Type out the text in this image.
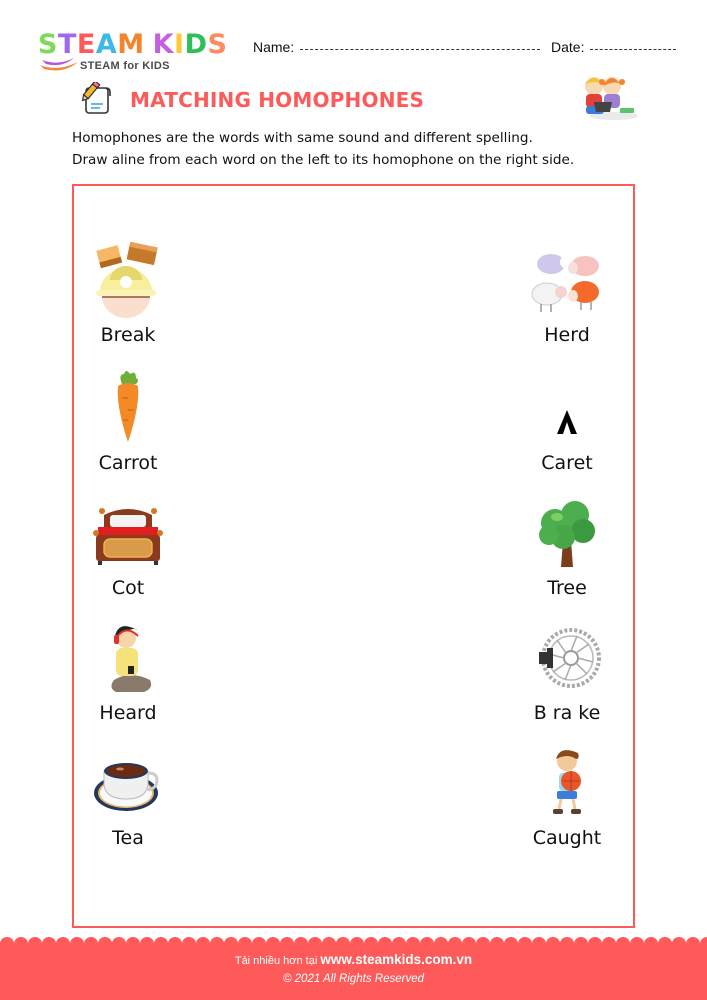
STEAM KIDS
STEAM for KIDS
Name:	Date:
MATCHING HOMOPHONES
Homophones are the words with same sound and different spelling.
Draw aline from each word on the left to its homophone on the right side.
Break
Carrot
Cot
Heard
Tea
Herd
Caret
Tree
B ra ke
Caught
Tải nhiều hơn tại www.steamkids.com.vn
© 2021 All Rights Reserved
